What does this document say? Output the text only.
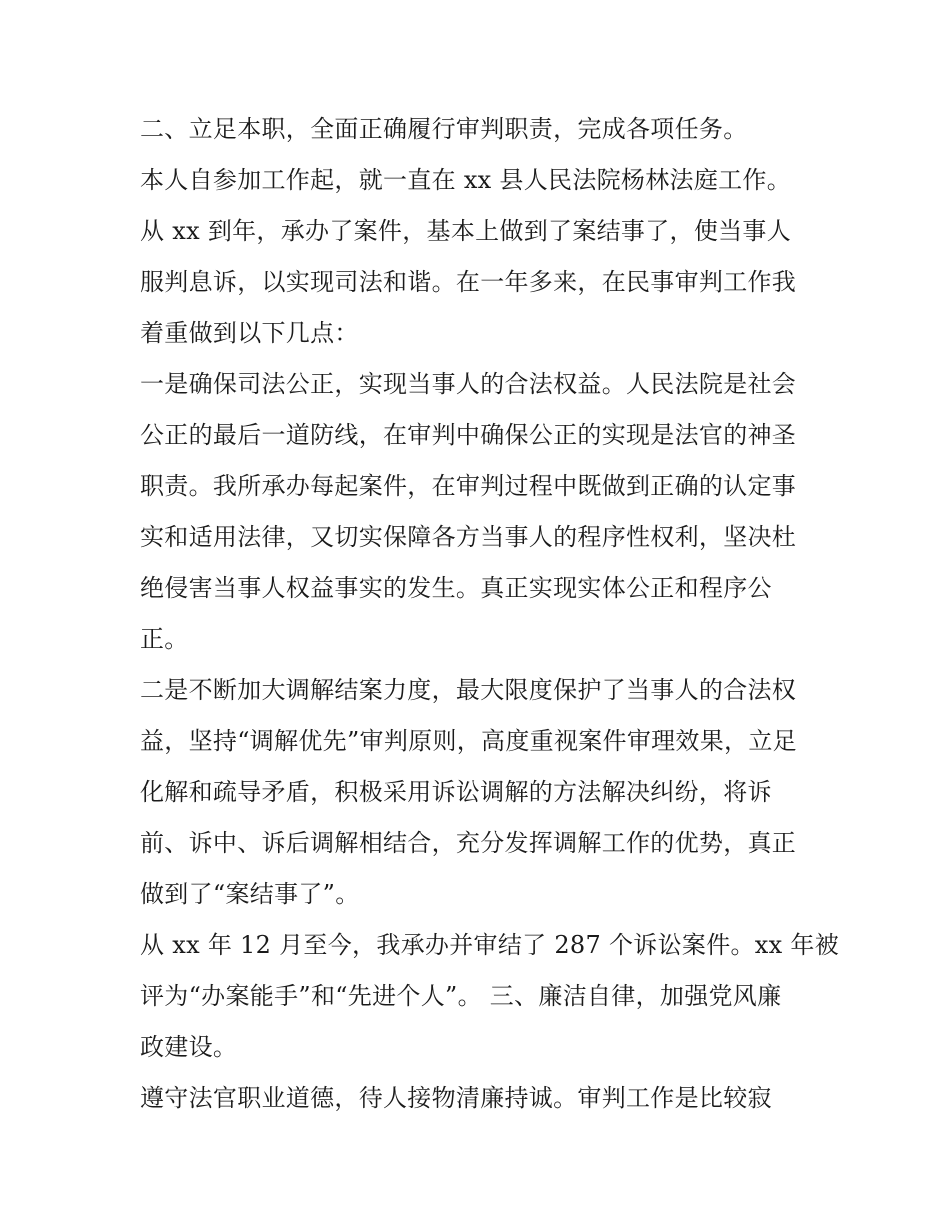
二、立足本职，全面正确履行审判职责，完成各项任务。
本人自参加工作起，就一直在 xx 县人民法院杨林法庭工作。
从 xx 到年，承办了案件，基本上做到了案结事了，使当事人
服判息诉，以实现司法和谐。在一年多来，在民事审判工作我
着重做到以下几点：
一是确保司法公正，实现当事人的合法权益。人民法院是社会
公正的最后一道防线，在审判中确保公正的实现是法官的神圣
职责。我所承办每起案件，在审判过程中既做到正确的认定事
实和适用法律，又切实保障各方当事人的程序性权利，坚决杜
绝侵害当事人权益事实的发生。真正实现实体公正和程序公
正。
二是不断加大调解结案力度，最大限度保护了当事人的合法权
益，坚持“调解优先”审判原则，高度重视案件审理效果，立足
化解和疏导矛盾，积极采用诉讼调解的方法解决纠纷，将诉
前、诉中、诉后调解相结合，充分发挥调解工作的优势，真正
做到了“案结事了”。
从 xx 年 12 月至今，我承办并审结了 287 个诉讼案件。xx 年被
评为“办案能手”和“先进个人”。 三、廉洁自律，加强党风廉
政建设。
遵守法官职业道德，待人接物清廉持诚。审判工作是比较寂
